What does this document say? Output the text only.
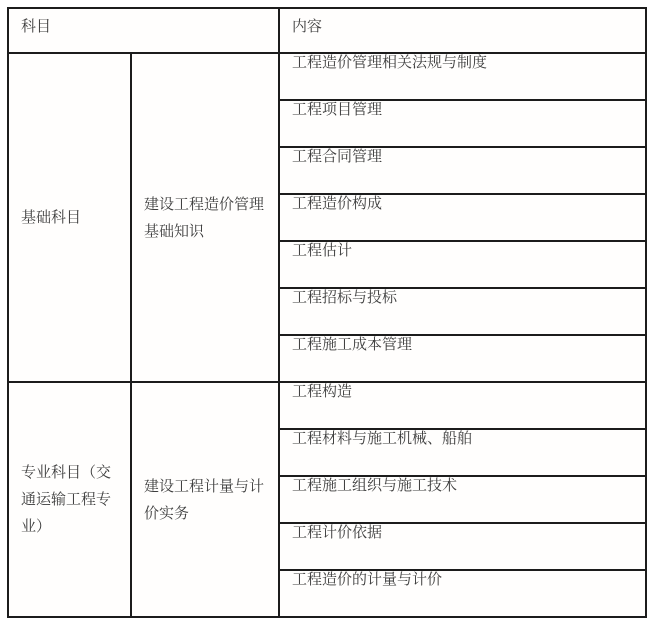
科目		内容
基础科目	建设工程造价管理基础知识	工程造价管理相关法规与制度
		工程项目管理
		工程合同管理
		工程造价构成
		工程估计
		工程招标与投标
		工程施工成本管理
专业科目（交通运输工程专业）	建设工程计量与计价实务	工程构造
		工程材料与施工机械、船舶
		工程施工组织与施工技术
		工程计价依据
		工程造价的计量与计价
